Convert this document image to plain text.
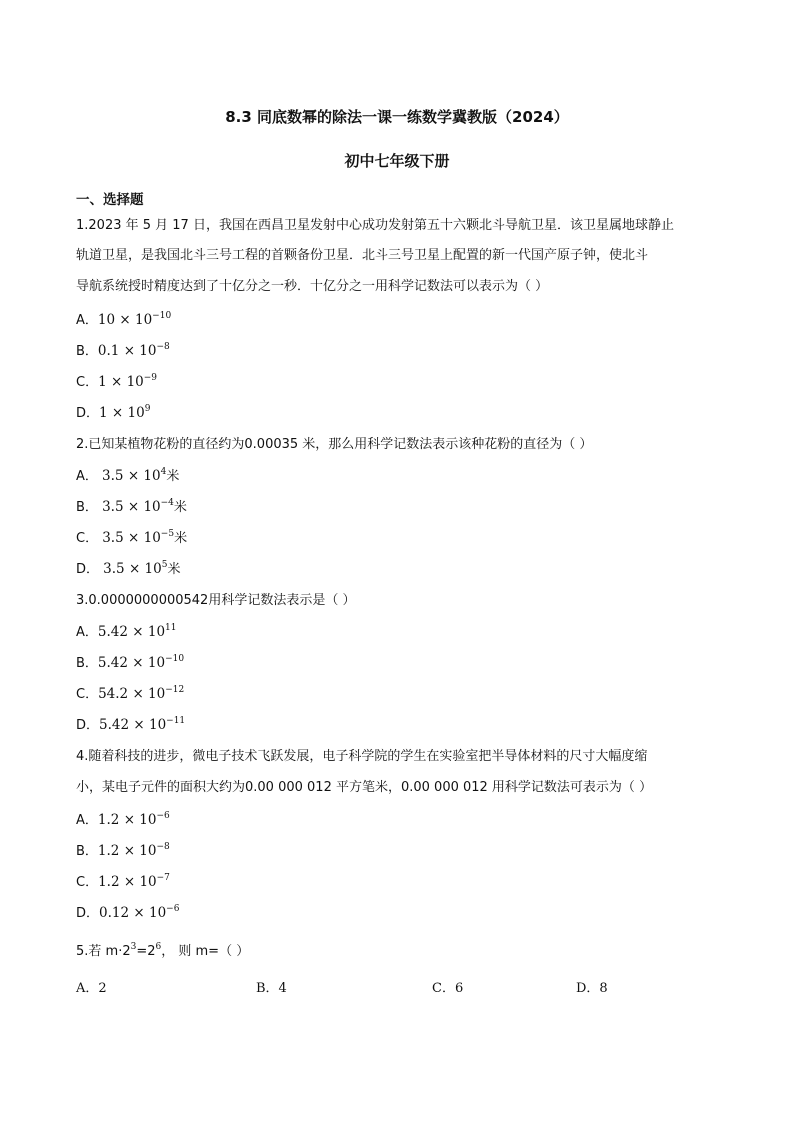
8.3 同底数幂的除法一课一练数学冀教版（2024）
初中七年级下册
一、选择题
1.2023 年 5 月 17 日，我国在西昌卫星发射中心成功发射第五十六颗北斗导航卫星．该卫星属地球静止
轨道卫星，是我国北斗三号工程的首颗备份卫星．北斗三号卫星上配置的新一代国产原子钟，使北斗
导航系统授时精度达到了十亿分之一秒．十亿分之一用科学记数法可以表示为（ ）
A．$10 \times 10^{-10}$
B．$0.1 \times 10^{-8}$
C．$1 \times 10^{-9}$
D．$1 \times 10^9$
2.已知某植物花粉的直径约为0.00035 米，那么用科学记数法表示该种花粉的直径为（ ）
A． $3.5 \times 10^4$米
B． $3.5 \times 10^{-4}$米
C． $3.5 \times 10^{-5}$米
D． $3.5 \times 10^5$米
3.0.0000000000542用科学记数法表示是（ ）
A．$5.42 \times 10^{11}$
B．$5.42 \times 10^{-10}$
C．$54.2 \times 10^{-12}$
D．$5.42 \times 10^{-11}$
4.随着科技的进步，微电子技术飞跃发展，电子科学院的学生在实验室把半导体材料的尺寸大幅度缩
小，某电子元件的面积大约为0.00 000 012 平方笔米，0.00 000 012 用科学记数法可表示为（ ）
A．$1.2 \times 10^{-6}$
B．$1.2 \times 10^{-8}$
C．$1.2 \times 10^{-7}$
D．$0.12 \times 10^{-6}$
5.若 $m\cdot 2^3=2^6$， 则 m=（ ）
A．2	B．4	C．6	D．8
